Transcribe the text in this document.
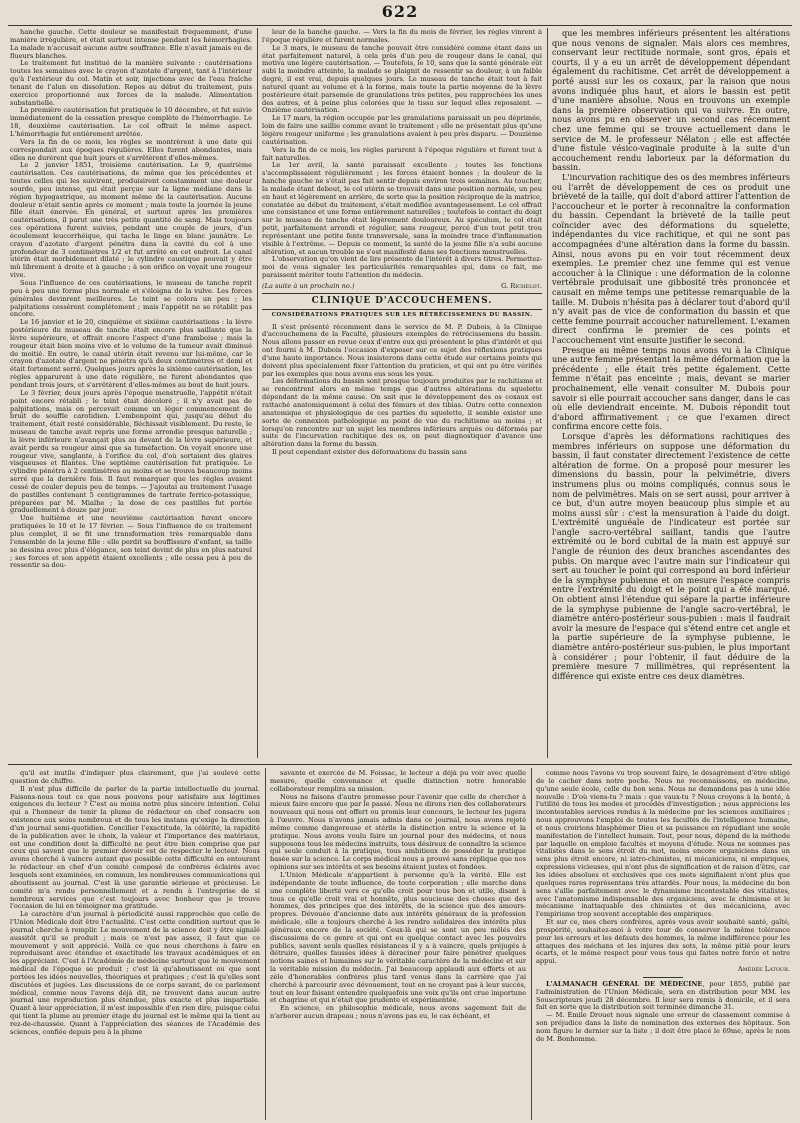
622

hanche gauche. Cette douleur se manifestait fréquemment, d'une manière irrégulière, et était surtout intense pendant les hémorrhagies. La malade n'accusait aucune autre souffrance. Elle n'avait jamais eu de flueurs blanches.

Le traitement fut institué de la manière suivante : cautérisations toutes les semaines avec le crayon d'azotate d'argent, tant à l'intérieur qu'à l'extérieur du col. Matin et soir, injections avec de l'eau fraîche tenant de l'alun en dissolution. Repos au début du traitement, puis exercice proportionné aux forces de la malade. Alimentation substantielle.

La première cautérisation fut pratiquée le 10 décembre, et fut suivie immédiatement de la cessation presque complète de l'hémorrhagie. Le 18, deuxième cautérisation. Le col offrait le même aspect. L'hémorrhagie fut entièrement arrêtée.

Vers la fin de ce mois, les règles se montrèrent à une date qui correspondait aux époques régulières. Elles furent abondantes, mais elles ne durèrent que huit jours et s'arrêtèrent d'elles-mêmes.

Le 2 janvier 1851, troisième cautérisation. Le 9, quatrième cautérisation. Ces cautérisations, de même que les précédentes et toutes celles qui les suivirent, produisirent constamment une douleur sourde, peu intense, qui était perçue sur la ligne médiane dans la région hypogastrique, au moment même de la cautérisation. Aucune douleur n'était sentie après ce moment ; mais toute la journée la jeune fille était énervée. En général, et surtout après les premières cautérisations, il parut une très petite quantité de sang. Mais toujours ces opérations furent suivies, pendant une couple de jours, d'un écoulement leucorrhéique, qui tacha le linge en blanc jaunâtre. Le crayon d'azotate d'argent pénétra dans la cavité du col à une profondeur de 3 centimètres 1/2 et fut arrêté en cet endroit. Le canal utérin était morbidement dilaté ; le cylindre caustique pouvait y être mû librement à droite et à gauche ; à son orifice on voyait une rougeur vive.

Sous l'influence de ces cautérisations, le museau de tanche reprit peu à peu une forme plus normale et s'éloigna de la vulve. Les forces générales devinrent meilleures. Le teint se colora un peu ; les palpitations cessèrent complètement ; mais l'appétit ne se rétablit pas encore.

Le 16 janvier et le 20, cinquième et sixième cautérisations : la lèvre postérieure du museau de tanche était encore plus saillante que la lèvre supérieure, et offrait encore l'aspect d'une framboise ; mais la rougeur était bien moins vive et le volume de la tumeur avait diminué de moitié. En outre, le canal utérin était revenu sur lui-même, car le crayon d'azotate d'argent ne pénétra qu'à deux centimètres et demi et était fortement serré. Quelques jours après la sixième cautérisation, les règles apparurent à une date régulière, ne furent abondantes que pendant trois jours, et s'arrêtèrent d'elles-mêmes au bout de huit jours.

Le 3 février, deux jours après l'époque menstruelle, l'appétit n'était point encore rétabli ; le teint était décoloré ; il n'y avait pas de palpitations, mais on percevait comme un léger commencement de bruit de souffle carotidien. L'embonpoint qui, jusqu'au début du traitement, était resté considérable, fléchissait visiblement. Du reste, le museau de tanche avait repris une forme arrondie presque naturelle ; la lèvre inférieure n'avançait plus au devant de la lèvre supérieure, et avait perdu sa rougeur ainsi que sa tuméfaction. On voyait encore une rougeur vive, sanglante, à l'orifice du col, d'où sortaient des glaires visqueuses et filantes. Une septième cautérisation fut pratiquée. Le cylindre pénétra à 2 centimètres au moins et se trouva beaucoup moins serré que la dernière fois. Il faut remarquer que les règles avaient cessé de couler depuis peu de temps. — J'ajoutai au traitement l'usage de pastilles contenant 5 centigrammes de tartrate ferrico-potassique, préparées par M. Mialhe ; la dose de ces pastilles fut portée graduellement à douze par jour.

Une huitième et une neuvième cautérisation furent encore pratiquées le 10 et le 17 février. — Sous l'influence de ce traitement plus complet, il se fit une transformation très remarquable dans l'ensemble de la jeune fille : elle perdit sa bouffissure d'enfant, sa taille se dessina avec plus d'élégance, son teint devint de plus en plus naturel ; ses forces et son appétit étaient excellents ; elle cessa peu à peu de ressentir sa dou-

leur de la hanche gauche. — Vers la fin du mois de février, les règles vinrent à l'époque régulière et furent normales.

Le 3 mars, le museau de tanche pouvait être considéré comme étant dans un état parfaitement naturel, à cela près d'un peu de rougeur dans le canal, qui motiva une légère cautérisation. — Toutefois, le 10, sans que la santé générale eût subi la moindre atteinte, la malade se plaignit de ressentir sa douleur, à un faible degré, il est vrai, depuis quelques jours. Le museau de tanche était tout à fait naturel quant au volume et à la forme, mais toute la partie moyenne de la lèvre postérieure était parsemée de granulations très petites, peu rapprochées les unes des autres, et à peine plus colorées que le tissu sur lequel elles reposaient. — Onzième cautérisation.

Le 17 mars, la région occupée par les granulations paraissait un peu déprimée, loin de faire une saillie comme avant le traitement ; elle ne présentait plus qu'une légère rougeur uniforme ; les granulations avaient à peu près disparu. — Douzième cautérisation.

Vers la fin de ce mois, les règles parurent à l'époque régulière et furent tout à fait naturelles.

Le 1er avril, la santé paraissait excellente ; toutes les fonctions s'accomplissaient régulièrement ; les forces étaient bonnes ; la douleur de la hanche gauche ne s'était pas fait sentir depuis environ trois semaines. Au toucher, la malade étant debout, le col utérin se trouvait dans une position normale, un peu en haut et légèrement en arrière, de sorte que la position réciproque de la matrice, constatée au début du traitement, s'était modifiée avantageusement. Le col offrait une consistance et une forme entièrement naturelles ; toutefois le contact du doigt sur le museau de tanche était légèrement douloureux. Au spéculum, le col était petit, parfaitement arrondi et régulier, sans rougeur, percé d'un tout petit trou représentant une petite fente transversale, sans la moindre trace d'inflammation visible à l'extrême. — Depuis ce moment, la santé de la jeune fille n'a subi aucune altération, et aucun trouble ne s'est manifesté dans ses fonctions menstruelles.

L'observation qu'on vient de lire présente de l'intérêt à divers titres. Permettez-moi de vous signaler les particularités remarquables qui, dans ce fait, me paraissent mériter toute l'attention du médecin.

(La suite à un prochain no.)	G. Richelot.
CLINIQUE D'ACCOUCHEMENS.
CONSIDÉRATIONS PRATIQUES SUR LES RÉTRÉCISSEMENS DU BASSIN.

Il s'est présenté récemment dans le service de M. P. Dubois, à la Clinique d'accouchemens de la Faculté, plusieurs exemples de rétrécissemens du bassin. Nous allons passer en revue ceux d'entre eux qui présentent le plus d'intérêt et qui ont fourni à M. Dubois l'occasion d'exposer sur ce sujet des réflexions pratiques d'une haute importance. Nous insisterons dans cette étude sur certains points qui doivent plus spécialement fixer l'attention du praticien, et qui ont pu être vérifiés par les exemples que nous avons eus sous les yeux.

Les déformations du bassin sont presque toujours produites par le rachitisme et se rencontrent alors en même temps que d'autres altérations du squelette dépendant de la même cause. On sait que le développement des os coxaux est rattaché anatomiquement à celui des fémurs et des tibias. Outre cette connexion anatomique et physiologique de ces parties du squelette, il semble exister une sorte de connexion pathologique au point de vue du rachitisme au moins ; et lorsqu'on rencontre sur un sujet les membres inférieurs arqués ou déformés par suite de l'incurvation rachitique des os, on peut diagnostiquer d'avance une altération dans la forme du bassin.

Il peut cependant exister des déformations du bassin sans

que les membres inférieurs présentent les altérations que nous venons de signaler. Mais alors ces membres, conservant leur rectitude normale, sont gros, épais et courts, il y a eu un arrêt de développement dépendant également du rachitisme. Cet arrêt de développement a porté aussi sur les os coxaux, par la raison que nous avons indiquée plus haut, et alors le bassin est petit d'une manière absolue. Nous en trouvons un exemple dans la première observation qui va suivre. En outre, nous avons pu en observer un second cas récemment chez une femme qui se trouve actuellement dans le service de M. le professeur Nélaton ; elle est affectée d'une fistule vésico-vaginale produite à la suite d'un accouchement rendu laborieux par la déformation du bassin.

L'incurvation rachitique des os des membres inférieurs ou l'arrêt de développement de ces os produit une brièveté de la taille, qui doit d'abord attirer l'attention de l'accoucheur et le porter à reconnaître la conformation du bassin. Cependant la brièveté de la taille peut coïncider avec des déformations du squelette, indépendantes du vice rachitique, et qui ne sont pas accompagnées d'une altération dans la forme du bassin. Ainsi, nous avons pu en voir tout récemment deux exemples. Le premier chez une femme qui est venue accoucher à la Clinique : une déformation de la colonne vertébrale produisait une gibbosité très prononcée et causait en même temps une petitesse remarquable de la taille. M. Dubois n'hésita pas à déclarer tout d'abord qu'il n'y avait pas de vice de conformation du bassin et que cette femme pourrait accoucher naturellement. L'examen direct confirma le premier de ces points et l'accouchement vint ensuite justifier le second.

Presque au même temps nous avons vu à la Clinique une autre femme présentant la même déformation que la précédente ; elle était très petite également. Cette femme n'était pas enceinte ; mais, devant se marier prochainement, elle venait consulter M. Dubois pour savoir si elle pourrait accoucher sans danger, dans le cas où elle deviendrait enceinte. M. Dubois répondit tout d'abord affirmativement ; ce que l'examen direct confirma encore cette fois.

Lorsque d'après les déformations rachitiques des membres inférieurs on suppose une déformation du bassin, il faut constater directement l'existence de cette altération de forme. On a proposé pour mesurer les dimensions du bassin, pour la pelvimétrie, divers instrumens plus ou moins compliqués, connus sous le nom de pelvimètres. Mais on se sert aussi, pour arriver à ce but, d'un autre moyen beaucoup plus simple et au moins aussi sûr : c'est la mensuration à l'aide du doigt. L'extrémité unguéale de l'indicateur est portée sur l'angle sacro-vertébral saillant, tandis que l'autre extrémité ou le bord cubital de la main est appuyé sur l'angle de réunion des deux branches ascendantes des pubis. On marque avec l'autre main sur l'indicateur qui sert au toucher le point qui correspond au bord inférieur de la symphyse pubienne et on mesure l'espace compris entre l'extrémité du doigt et le point qui a été marqué. On obtient ainsi l'étendue qui sépare la partie inférieure de la symphyse pubienne de l'angle sacro-vertébral, le diamètre antéro-postérieur sous-pubien : mais il faudrait avoir la mesure de l'espace qui s'étend entre cet angle et la partie supérieure de la symphyse pubienne, le diamètre antéro-postérieur sus-pubien, le plus important à considérer ; pour l'obtenir, il faut déduire de la première mesure 7 millimètres, qui représentent la différence qui existe entre ces deux diamètres.

qu'il est inutile d'indiquer plus clairement, que j'ai soulevé cette question de chiffre.

Il n'est plus difficile de parler de la partie intellectuelle du journal. Faisons-nous tout ce que nous pouvons pour satisfaire aux légitimes exigences du lecteur ? C'est au moins notre plus sincère intention. Celui qui a l'honneur de tenir la plume de rédacteur en chef consacre son existence aux soins nombreux et de tous les instans qu'exige la direction d'un journal semi-quotidien. Concilier l'exactitude, la célérité, la rapidité de la publication avec le choix, la valeur et l'importance des matériaux, est une condition dont la difficulté ne peut être bien comprise que par ceux qui savent que le premier devoir est de respecter le lecteur. Nous avons cherché à vaincre autant que possible cette difficulté en entourant le rédacteur en chef d'un comité composé de confrères éclairés avec lesquels sont examinées, en commun, les nombreuses communications qui aboutissent au journal. C'est là une garantie sérieuse et précieuse. Le comité m'a rendu personnellement et a rendu à l'entreprise de si nombreux services que c'est toujours avec bonheur que je trouve l'occasion de lui en témoigner ma gratitude.

Le caractère d'un journal à périodicité aussi rapprochée que celle de l'Union Médicale doit être l'actualité. C'est cette condition surtout que le journal cherche à remplir. Le mouvement de la science doit y être signalé aussitôt qu'il se produit ; mais ce n'est pas assez, il faut que ce mouvement y soit apprécié. Voilà ce que nous cherchons à faire en reproduisant avec étendue et exactitude les travaux académiques et en les appréciant. C'est à l'Académie de médecine surtout que le mouvement médical de l'époque se produit ; c'est là qu'aboutissent ou que sont portées les idées nouvelles, théoriques et pratiques ; c'est là qu'elles sont discutées et jugées. Les discussions de ce corps savant, de ce parlement médical, comme nous l'avons déjà dit, ne trouvent dans aucun autre journal une reproduction plus étendue, plus exacte et plus impartiale. Quant à leur appréciation, il m'est impossible d'en rien dire, puisque celui qui tient la plume au premier étage du journal est le même qui la tient au rez-de-chaussée. Quant à l'appréciation des séances de l'Académie des sciences, confiée depuis peu à la plume

savante et exercée de M. Foissac, le lecteur a déjà pu voir avec quelle mesure, quelle convenance et quelle distinction notre honorable collaborateur remplira sa mission.

Nous ne faisons d'autre promesse pour l'avenir que celle de chercher à mieux faire encore que par le passé. Nous ne dirons rien des collaborateurs nouveaux qui nous ont offert ou promis leur concours, le lecteur les jugera à l'œuvre. Nous n'avons jamais admis dans ce journal, nous avons rejeté même comme dangereuse et stérile la distinction entre la science et la pratique. Nous avons voulu faire un journal pour des médecins, et nous supposons tous les médecins instruits, tous désireux de connaître la science qui seule conduit à la pratique, tous ambitieux de posséder la pratique basée sur la science. Le corps médical nous a prouvé sans réplique que nos opinions sur ses intérêts et ses besoins étaient justes et fondées.

L'Union Médicale n'appartient à personne qu'à la vérité. Elle est indépendante de toute influence, de toute corporation ; elle marche dans une complète liberté vers ce qu'elle croit pour tous bon et utile, disant à tous ce qu'elle croit vrai et honnête, plus soucieuse des choses que des hommes, des principes que des intérêts, de la science que des amours-propres. Dévouée d'ancienne date aux intérêts généraux de la profession médicale, elle a toujours cherché à les rendre solidaires des intérêts plus généraux encore de la société. Ceux-là qui se sont un peu mêlés des discussions de ce genre et qui ont eu quelque contact avec les pouvoirs publics, savent seuls quelles résistances il y a à vaincre, quels préjugés à détruire, quelles fausses idées à déraciner pour faire pénétrer quelques notions saines et humaines sur le véritable caractère de la médecine et sur la véritable mission du médecin. J'ai beaucoup applaudi aux efforts et au zèle d'honorables confrères plus tard venus dans la carrière que j'ai cherché à parcourir avec dévouement, tout en ne croyant pas à leur succès, tout en leur faisant entendre quelquefois une voix qu'ils ont crue importune et chagrine et qui n'était que prudente et expérimentée.

En science, en philosophie médicale, nous avons sagement fait de n'arborer aucun drapeau ; nous n'avons pas eu, le cas échéant, et

comme nous l'avons vu trop souvent faire, le désagrément d'être obligé de le cacher dans notre poche. Nous ne reconnaissons, en médecine, qu'une seule école, celle du bon sens. Nous ne demandons pas à une idée nouvelle : D'où viens-tu ? mais : que vaux-tu ? Nous croyons à la bonté, à l'utilité de tous les modes et procédés d'investigation ; nous apprécions les incontestables services rendus à la médecine par les sciences auxiliaires ; nous approuvons l'emploi de toutes les facultés de l'intelligence humaine, et nous croirions blasphémer Dieu et sa puissance en répudiant une seule manifestation de l'intellect humain. Tout, pour nous, dépend de la méthode par laquelle on emploie facultés et moyens d'étude. Nous ne sommes pas vitalistes dans le sens étroit du mot, moins encore organiciens dans un sens plus étroit encore, ni iatro-chimistes, ni mécaniciens, ni empiriques, expressions vicieuses, qui n'ont plus de signification et de raison d'être, car les idées absolues et exclusives que ces mots signifiaient n'ont plus que quelques rares représentans très attardés. Pour nous, la médecine du bon sens s'allie parfaitement avec le dynamisme incontestable des vitalistes, avec l'anatomisme indispensable des organiciens, avec le chimisme et le mécanisme inattaquable des chimistes et des mécaniciens, avec l'empirisme trop souvent acceptable des empiriques.

Et sur ce, mes chers confrères, après vous avoir souhaité santé, gaîté, prospérité, souhaitez-moi à votre tour de conserver la même tolérance pour les erreurs et les défauts des hommes, la même indifférence pour les attaques des méchans et les injures des sots, la même pitié pour leurs écarts, et le même respect pour vous tous qui faites notre force et notre appui.

Amédée Latour.

L'ALMANACH GÉNÉRAL DE MÉDECINE, pour 1855, publié par l'administration de l'Union Médicale, sera en distribution pour MM. les Souscripteurs jeudi 28 décembre. Il leur sera remis à domicile, et il sera fait en sorte que la distribution soit terminée dimanche 31.

— M. Émile Drouet nous signale une erreur de classement commise à son préjudice dans la liste de nomination des externes des hôpitaux. Son nom figure le dernier sur la liste ; il doit être placé le 69me, après le nom de M. Bonhomme.
